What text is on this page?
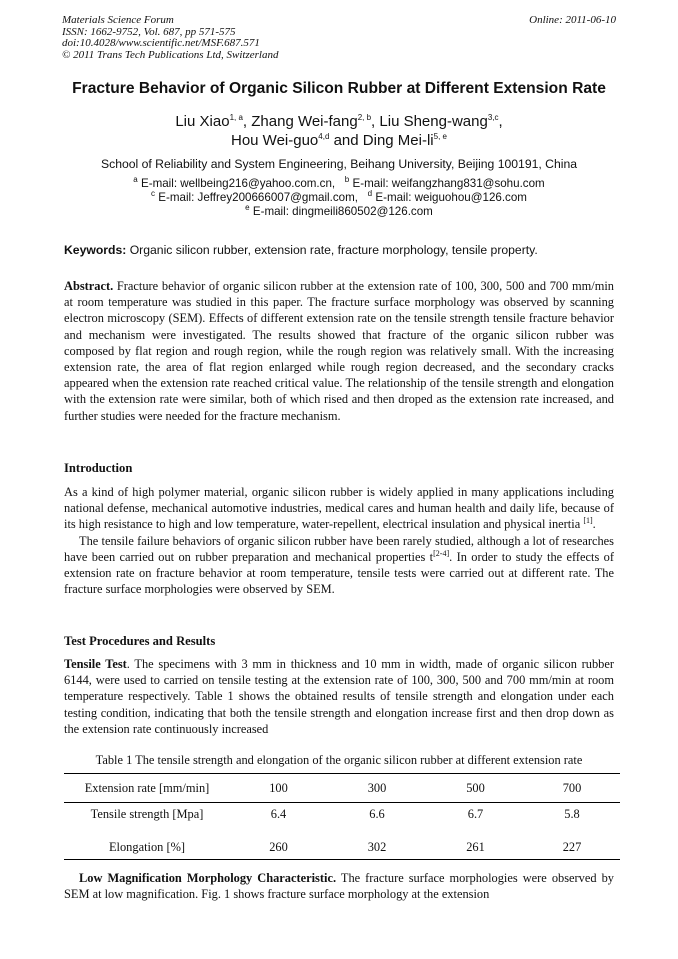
Materials Science Forum
ISSN: 1662-9752, Vol. 687, pp 571-575
doi:10.4028/www.scientific.net/MSF.687.571
© 2011 Trans Tech Publications Ltd, Switzerland
Online: 2011-06-10
Fracture Behavior of Organic Silicon Rubber at Different Extension Rate
Liu Xiao$^{1, a}$, Zhang Wei-fang$^{2, b}$, Liu Sheng-wang$^{3,c}$,
Hou Wei-guo$^{4,d}$ and Ding Mei-li$^{5, e}$
School of Reliability and System Engineering, Beihang University, Beijing 100191, China
$^a$ E-mail: wellbeing216@yahoo.com.cn, $^b$ E-mail: weifangzhang831@sohu.com
$^c$ E-mail: Jeffrey200666007@gmail.com, $^d$ E-mail: weiguohou@126.com
$^e$ E-mail: dingmeili860502@126.com
Keywords: Organic silicon rubber, extension rate, fracture morphology, tensile property.

Abstract. Fracture behavior of organic silicon rubber at the extension rate of 100, 300, 500 and 700 mm/min at room temperature was studied in this paper. The fracture surface morphology was observed by scanning electron microscopy (SEM). Effects of different extension rate on the tensile strength tensile fracture behavior and mechanism were investigated. The results showed that fracture of the organic silicon rubber was composed by flat region and rough region, while the rough region was relatively small. With the increasing extension rate, the area of flat region enlarged while rough region decreased, and the secondary cracks appeared when the extension rate reached critical value. The relationship of the tensile strength and elongation with the extension rate were similar, both of which rised and then droped as the extension rate increased, and further studies were needed for the fracture mechanism.

Introduction

As a kind of high polymer material, organic silicon rubber is widely applied in many applications including national defense, mechanical automotive industries, medical cares and human health and daily life, because of its high resistance to high and low temperature, water-repellent, electrical insulation and physical inertia [1].

The tensile failure behaviors of organic silicon rubber have been rarely studied, although a lot of researches have been carried out on rubber preparation and mechanical properties t[2-4]. In order to study the effects of extension rate on fracture behavior at room temperature, tensile tests were carried out at different rate. The fracture surface morphologies were observed by SEM.

Test Procedures and Results

Tensile Test. The specimens with 3 mm in thickness and 10 mm in width, made of organic silicon rubber 6144, were used to carried on tensile testing at the extension rate of 100, 300, 500 and 700 mm/min at room temperature respectively. Table 1 shows the obtained results of tensile strength and elongation under each testing condition, indicating that both the tensile strength and elongation increase first and then drop down as the extension rate continuously increased

Table 1 The tensile strength and elongation of the organic silicon rubber at different extension rate
Extension rate [mm/min]	100	300	500	700
Tensile strength [Mpa]	6.4	6.6	6.7	5.8
Elongation [%]	260	302	261	227

Low Magnification Morphology Characteristic. The fracture surface morphologies were observed by SEM at low magnification. Fig. 1 shows fracture surface morphology at the extension
